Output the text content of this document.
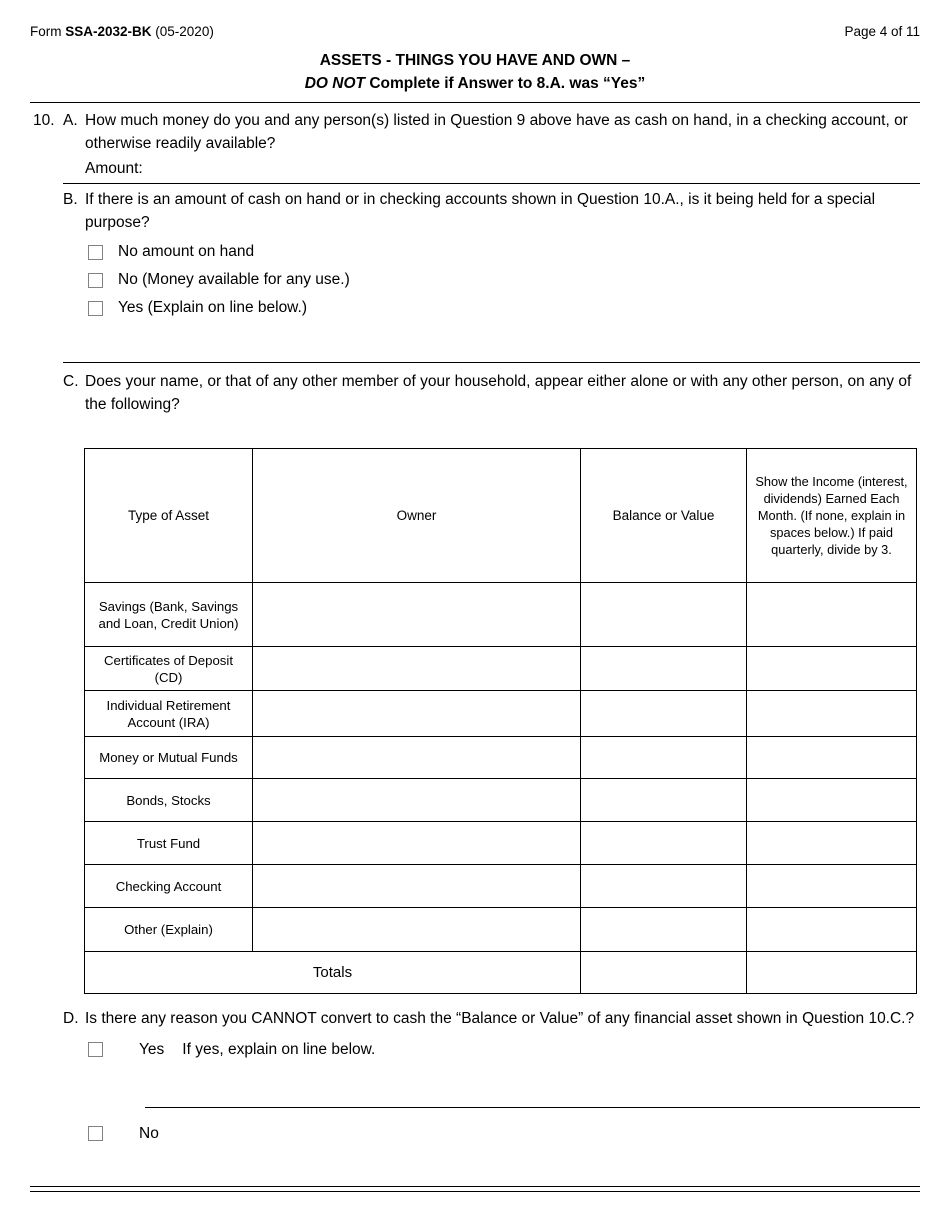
Form SSA-2032-BK (05-2020)	Page 4 of 11
ASSETS - THINGS YOU HAVE AND OWN –
DO NOT Complete if Answer to 8.A. was “Yes”
10. A. How much money do you and any person(s) listed in Question 9 above have as cash on hand, in a checking account, or otherwise readily available?
Amount:
B. If there is an amount of cash on hand or in checking accounts shown in Question 10.A., is it being held for a special purpose?
No amount on hand
No (Money available for any use.)
Yes (Explain on line below.)
C. Does your name, or that of any other member of your household, appear either alone or with any other person, on any of the following?
Type of Asset	Owner	Balance or Value	Show the Income (interest, dividends) Earned Each Month. (If none, explain in spaces below.) If paid quarterly, divide by 3.
Savings (Bank, Savings and Loan, Credit Union)			
Certificates of Deposit (CD)			
Individual Retirement Account (IRA)			
Money or Mutual Funds			
Bonds, Stocks			
Trust Fund			
Checking Account			
Other (Explain)			
Totals			
D. Is there any reason you CANNOT convert to cash the “Balance or Value” of any financial asset shown in Question 10.C.?
Yes If yes, explain on line below.
No
